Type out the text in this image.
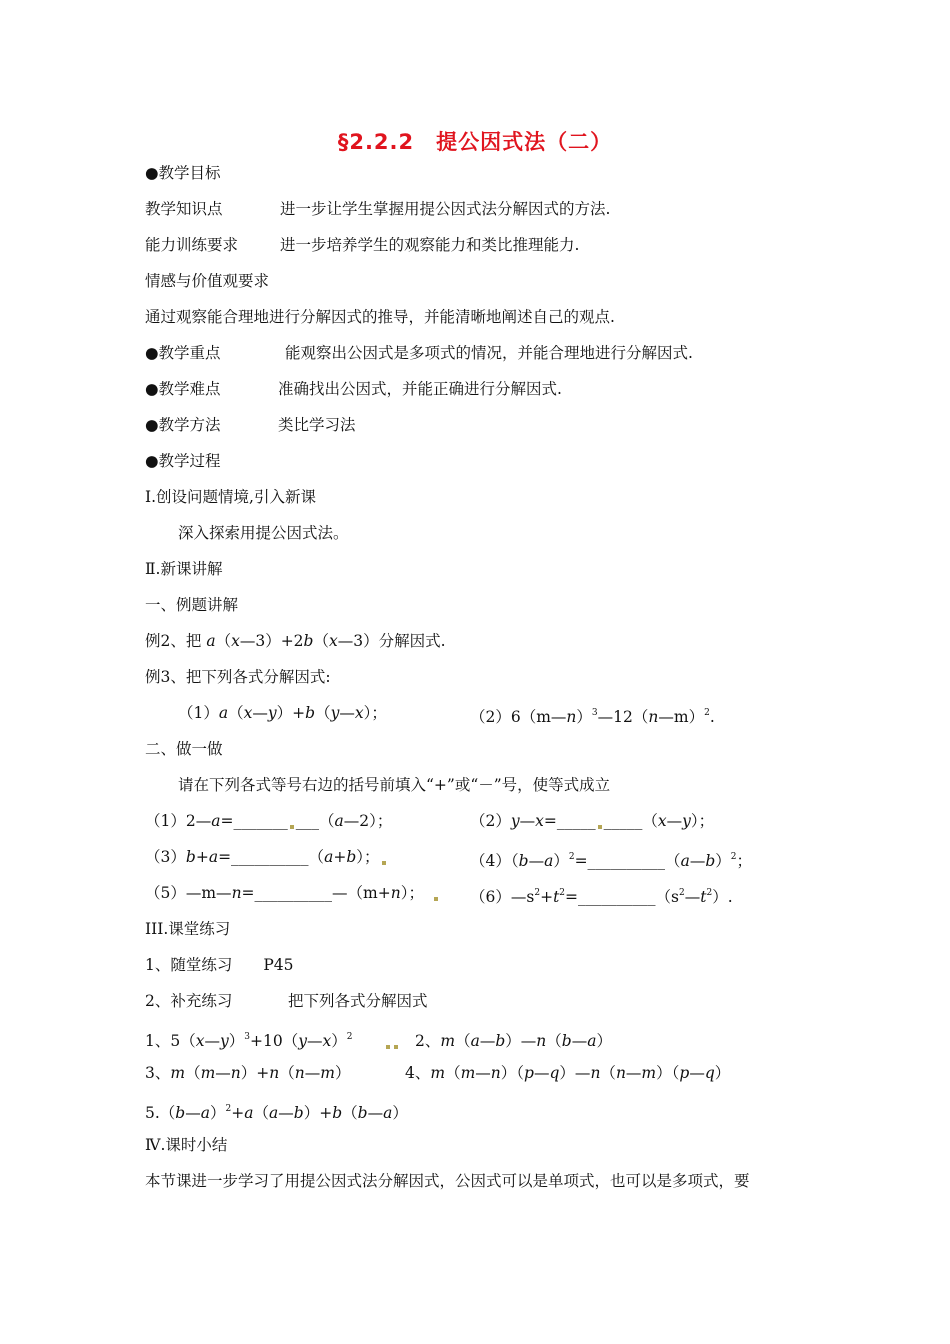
§2.2.2　提公因式法（二）
●教学目标
教学知识点	进一步让学生掌握用提公因式法分解因式的方法.
能力训练要求	进一步培养学生的观察能力和类比推理能力.
情感与价值观要求
通过观察能合理地进行分解因式的推导，并能清晰地阐述自己的观点.
●教学重点	能观察出公因式是多项式的情况，并能合理地进行分解因式.
●教学难点	准确找出公因式，并能正确进行分解因式.
●教学方法	类比学习法
●教学过程
Ⅰ.创设问题情境,引入新课
深入探索用提公因式法。
Ⅱ.新课讲解
一、例题讲解
例2、把 a（x—3）+2b（x—3）分解因式.
例3、把下列各式分解因式:
（1）a（x—y）+b（y—x）；	（2）6（m—n）$^3$—12（n—m）$^2$.
二、做一做
请在下列各式等号右边的括号前填入“+”或“－”号，使等式成立
（1）2—a=_______ ___（a—2）；	（2）y—x=_____ _____（x—y）；
（3）b+a=__________（a+b）；	（4）（b—a）$^2$=__________（a—b）$^2$；
（5）—m—n=__________—（m+n）；　	$(6)—s^2+t^2=\_\_\_\_\_\_\_\_\_\_(s^2—t^2)$.
III.课堂练习
1、随堂练习　　P45
2、补充练习	把下列各式分解因式
1、5（x—y）$^3$+10（y—x）$^2$　　	　2、m（a—b）—n（b—a）
3、m（m—n）+n（n—m）	4、m（m—n）（p—q）—n（n—m）（p—q）
5.（b—a）$^2$+a（a—b）+b（b—a）
Ⅳ.课时小结
本节课进一步学习了用提公因式法分解因式，公因式可以是单项式，也可以是多项式，要
